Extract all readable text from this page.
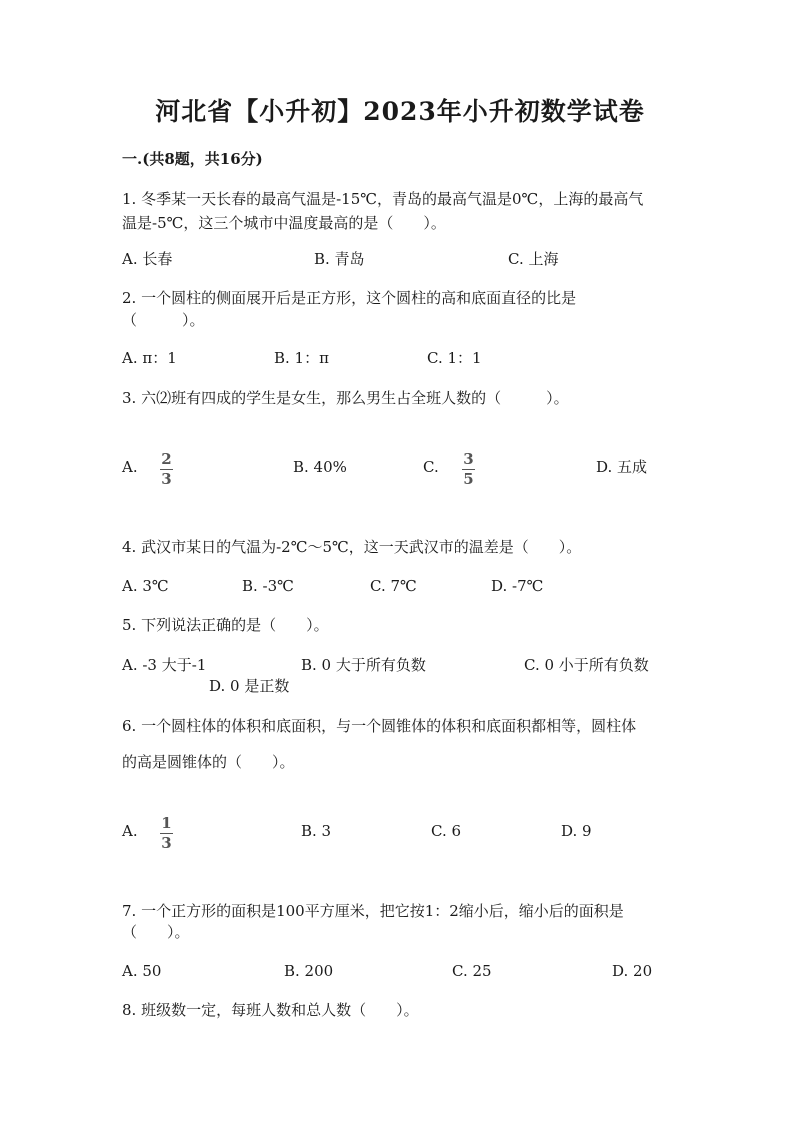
河北省【小升初】2023年小升初数学试卷
一.(共8题，共16分)
1. 冬季某一天长春的最高气温是-15℃，青岛的最高气温是0℃，上海的最高气
温是-5℃，这三个城市中温度最高的是（　　）。
A. 长春	B. 青岛	C. 上海
2. 一个圆柱的侧面展开后是正方形，这个圆柱的高和底面直径的比是
（　　　）。
A. π：1	B. 1：π	C. 1：1
3. 六⑵班有四成的学生是女生，那么男生占全班人数的（　　　）。
A. 2
3
B. 40%	C. 3
5
D. 五成
4. 武汉市某日的气温为-2℃～5℃，这一天武汉市的温差是（　　）。
A. 3℃	B. -3℃	C. 7℃	D. -7℃
5. 下列说法正确的是（　　）。
A. -3 大于-1	B. 0 大于所有负数	C. 0 小于所有负数
D. 0 是正数
6. 一个圆柱体的体积和底面积，与一个圆锥体的体积和底面积都相等，圆柱体
的高是圆锥体的（　　）。
A. 1
3
B. 3	C. 6	D. 9
7. 一个正方形的面积是100平方厘米，把它按1：2缩小后，缩小后的面积是
（　　）。
A. 50	B. 200	C. 25	D. 20
8. 班级数一定，每班人数和总人数（　　）。
